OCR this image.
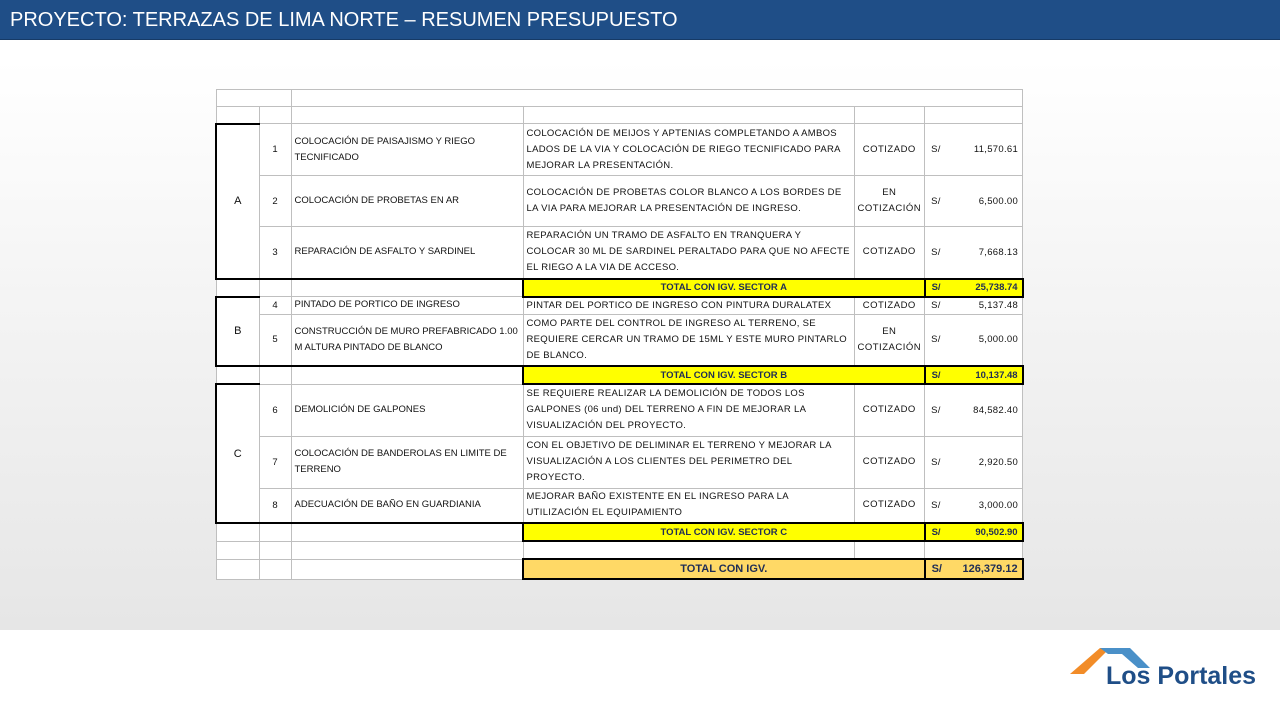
PROYECTO: TERRAZAS DE LIMA NORTE – RESUMEN PRESUPUESTO
		TRABAJOS PARA LANZAMIENTO - TERRAZAS LIMA NORTE			
ZONAS	ITEM	DESCRIPCIÓN	DETALLE	STATUS	COSTO INC. IGV
A	1	COLOCACIÓN DE PAISAJISMO Y RIEGO TECNIFICADO	COLOCACIÓN DE MEIJOS Y APTENIAS COMPLETANDO A AMBOS LADOS DE LA VIA Y COLOCACIÓN DE RIEGO TECNIFICADO PARA MEJORAR LA PRESENTACIÓN.	COTIZADO	S/ 11,570.61

	2	COLOCACIÓN DE PROBETAS EN AR	COLOCACIÓN DE PROBETAS COLOR BLANCO A LOS BORDES DE LA VIA PARA MEJORAR LA PRESENTACIÓN DE INGRESO.	EN COTIZACIÓN	S/ 6,500.00

	3	REPARACIÓN DE ASFALTO Y SARDINEL	REPARACIÓN UN TRAMO DE ASFALTO EN TRANQUERA Y COLOCAR 30 ML DE SARDINEL PERALTADO PARA QUE NO AFECTE EL RIEGO A LA VIA DE ACCESO.	COTIZADO	S/ 7,668.13

			TOTAL CON IGV. SECTOR A		S/ 25,738.74

B	4	PINTADO DE PORTICO DE INGRESO	PINTAR DEL PORTICO DE INGRESO CON PINTURA DURALATEX	COTIZADO	S/ 5,137.48

	5	CONSTRUCCIÓN DE MURO PREFABRICADO 1.00 M ALTURA PINTADO DE BLANCO	COMO PARTE DEL CONTROL DE INGRESO AL TERRENO, SE REQUIERE CERCAR UN TRAMO DE 15ML Y ESTE MURO PINTARLO DE BLANCO.	EN COTIZACIÓN	S/ 5,000.00

			TOTAL CON IGV. SECTOR B		S/ 10,137.48

C	6	DEMOLICIÓN DE GALPONES	SE REQUIERE REALIZAR LA DEMOLICIÓN DE TODOS LOS GALPONES (06 und) DEL TERRENO A FIN DE MEJORAR LA VISUALIZACIÓN DEL PROYECTO.	COTIZADO	S/ 84,582.40

	7	COLOCACIÓN DE BANDEROLAS EN LIMITE DE TERRENO	CON EL OBJETIVO DE DELIMINAR EL TERRENO Y MEJORAR LA VISUALIZACIÓN A LOS CLIENTES DEL PERIMETRO DEL PROYECTO.	COTIZADO	S/ 2,920.50

	8	ADECUACIÓN DE BAÑO EN GUARDIANIA	MEJORAR BAÑO EXISTENTE EN EL INGRESO PARA LA UTILIZACIÓN EL EQUIPAMIENTO	COTIZADO	S/ 3,000.00

			TOTAL CON IGV. SECTOR C		S/ 90,502.90

			TOTAL CON IGV.		S/ 126,379.12
Los Portales
